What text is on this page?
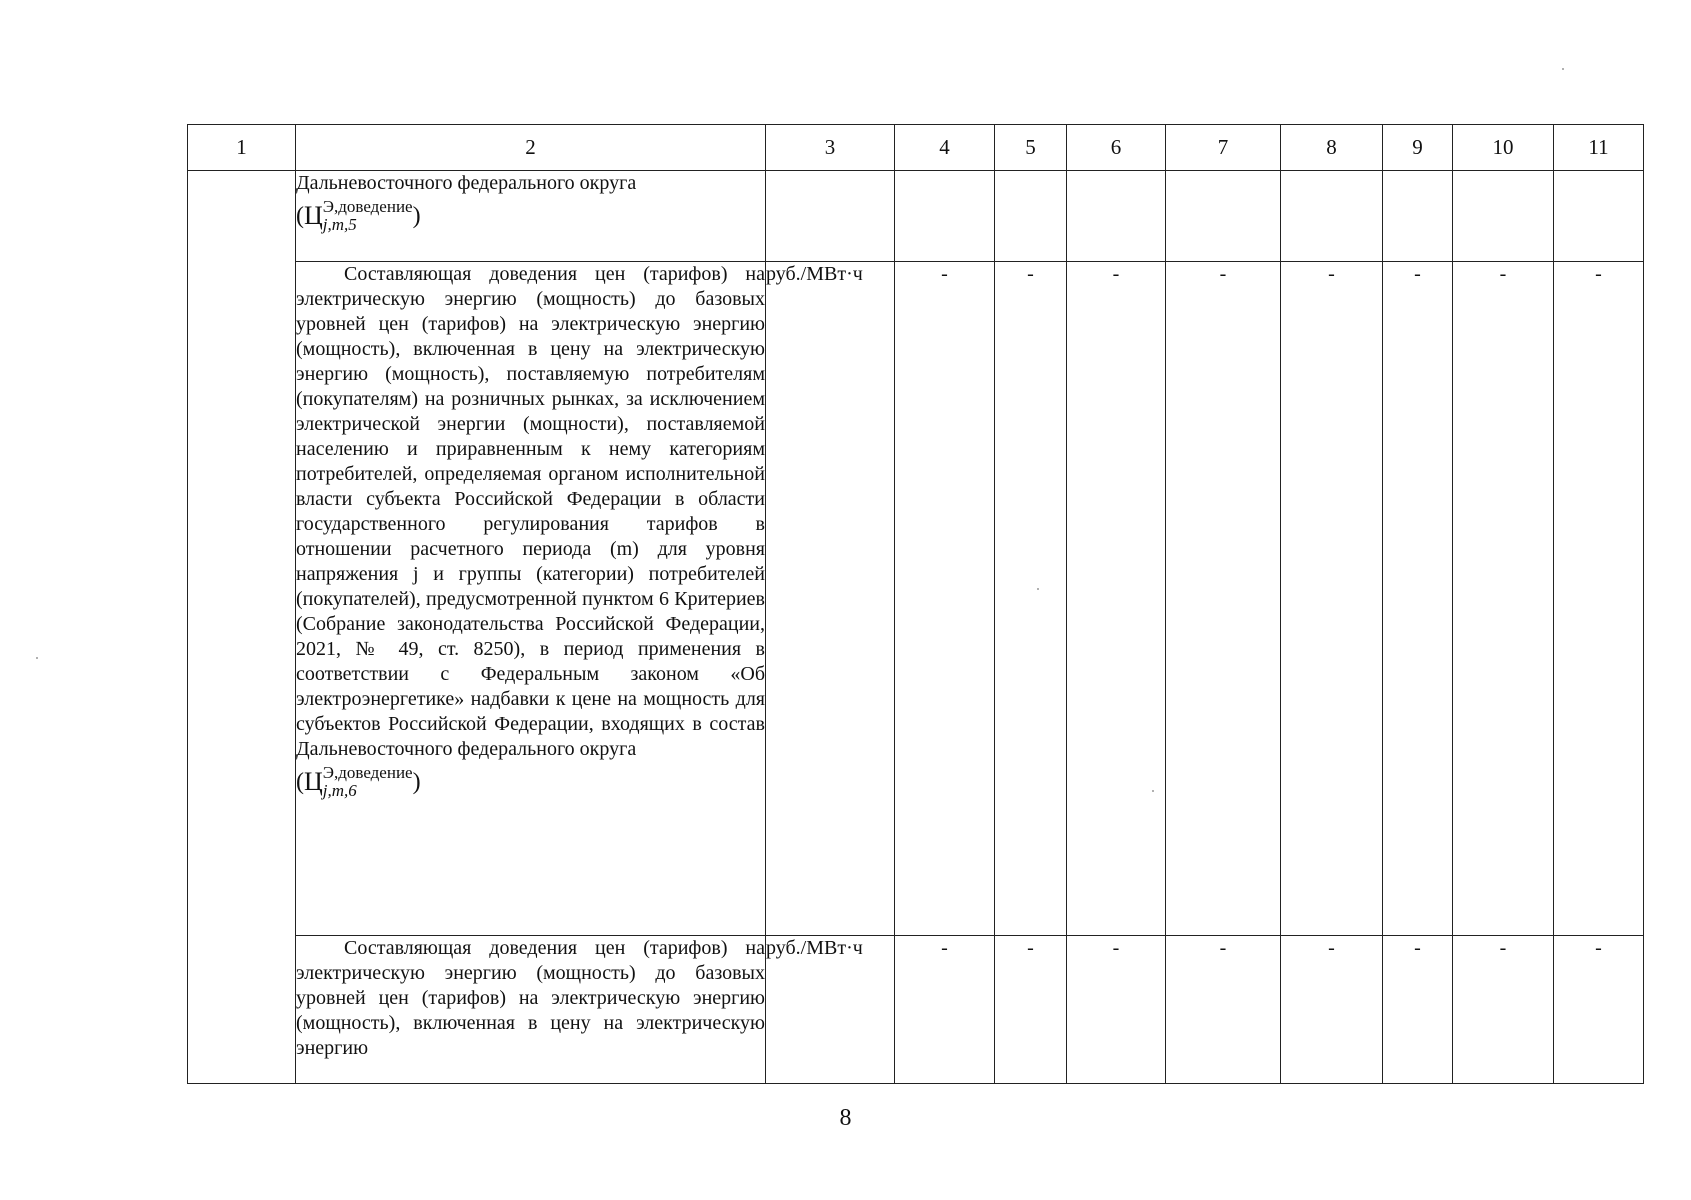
1	2	3	4	5	6	7	8	9	10	11

	Дальневосточного федерального округа
(Ц Э,доведение
j,m,5 )									

	Составляющая доведения цен (тарифов) на электрическую энергию (мощность) до базовых уровней цен (тарифов) на электрическую энергию (мощность), включенная в цену на электрическую энергию (мощность), поставляемую потребителям (покупателям) на розничных рынках, за исключением электрической энергии (мощности), поставляемой населению и приравненным к нему категориям потребителей, определяемая органом исполнительной власти субъекта Российской Федерации в области государственного регулирования тарифов в отношении расчетного периода (m) для уровня напряжения j и группы (категории) потребителей (покупателей), предусмотренной пунктом 6 Критериев (Собрание законодательства Российской Федерации, 2021, № 49, ст. 8250), в период применения в соответствии с Федеральным законом «Об электроэнергетике» надбавки к цене на мощность для субъектов Российской Федерации, входящих в состав Дальневосточного федерального округа
(Ц Э,доведение
j,m,6 )	руб./МВт·ч	-	-	-	-	-	-	-	-

	Составляющая доведения цен (тарифов) на электрическую энергию (мощность) до базовых уровней цен (тарифов) на электрическую энергию (мощность), включенная в цену на электрическую энергию	руб./МВт·ч	-	-	-	-	-	-	-	-
8
